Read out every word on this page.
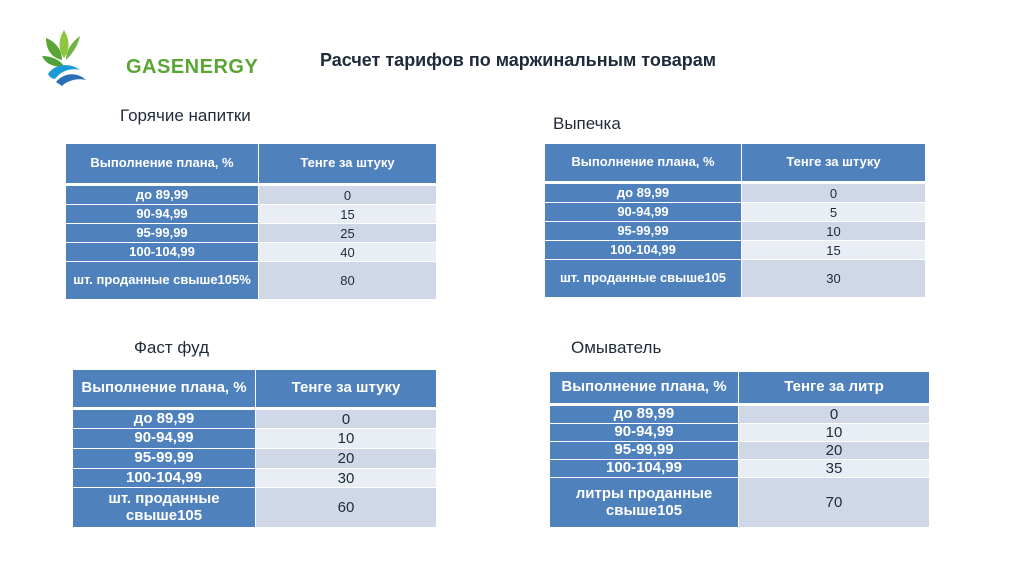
GASENERGY	Расчет тарифов по маржинальным товарам
Горячие напитки
Выполнение плана, %	Тенге за штуку
до 89,99	0
90-94,99	15
95-99,99	25
100-104,99	40
шт. проданные свыше105%	80
Выпечка
Выполнение плана, %	Тенге за штуку
до 89,99	0
90-94,99	5
95-99,99	10
100-104,99	15
шт. проданные свыше105	30
Фаст фуд
Выполнение плана, %	Тенге за штуку
до 89,99	0
90-94,99	10
95-99,99	20
100-104,99	30
шт. проданные свыше105	60
Омыватель
Выполнение плана, %	Тенге за литр
до 89,99	0
90-94,99	10
95-99,99	20
100-104,99	35
литры проданные свыше105	70
